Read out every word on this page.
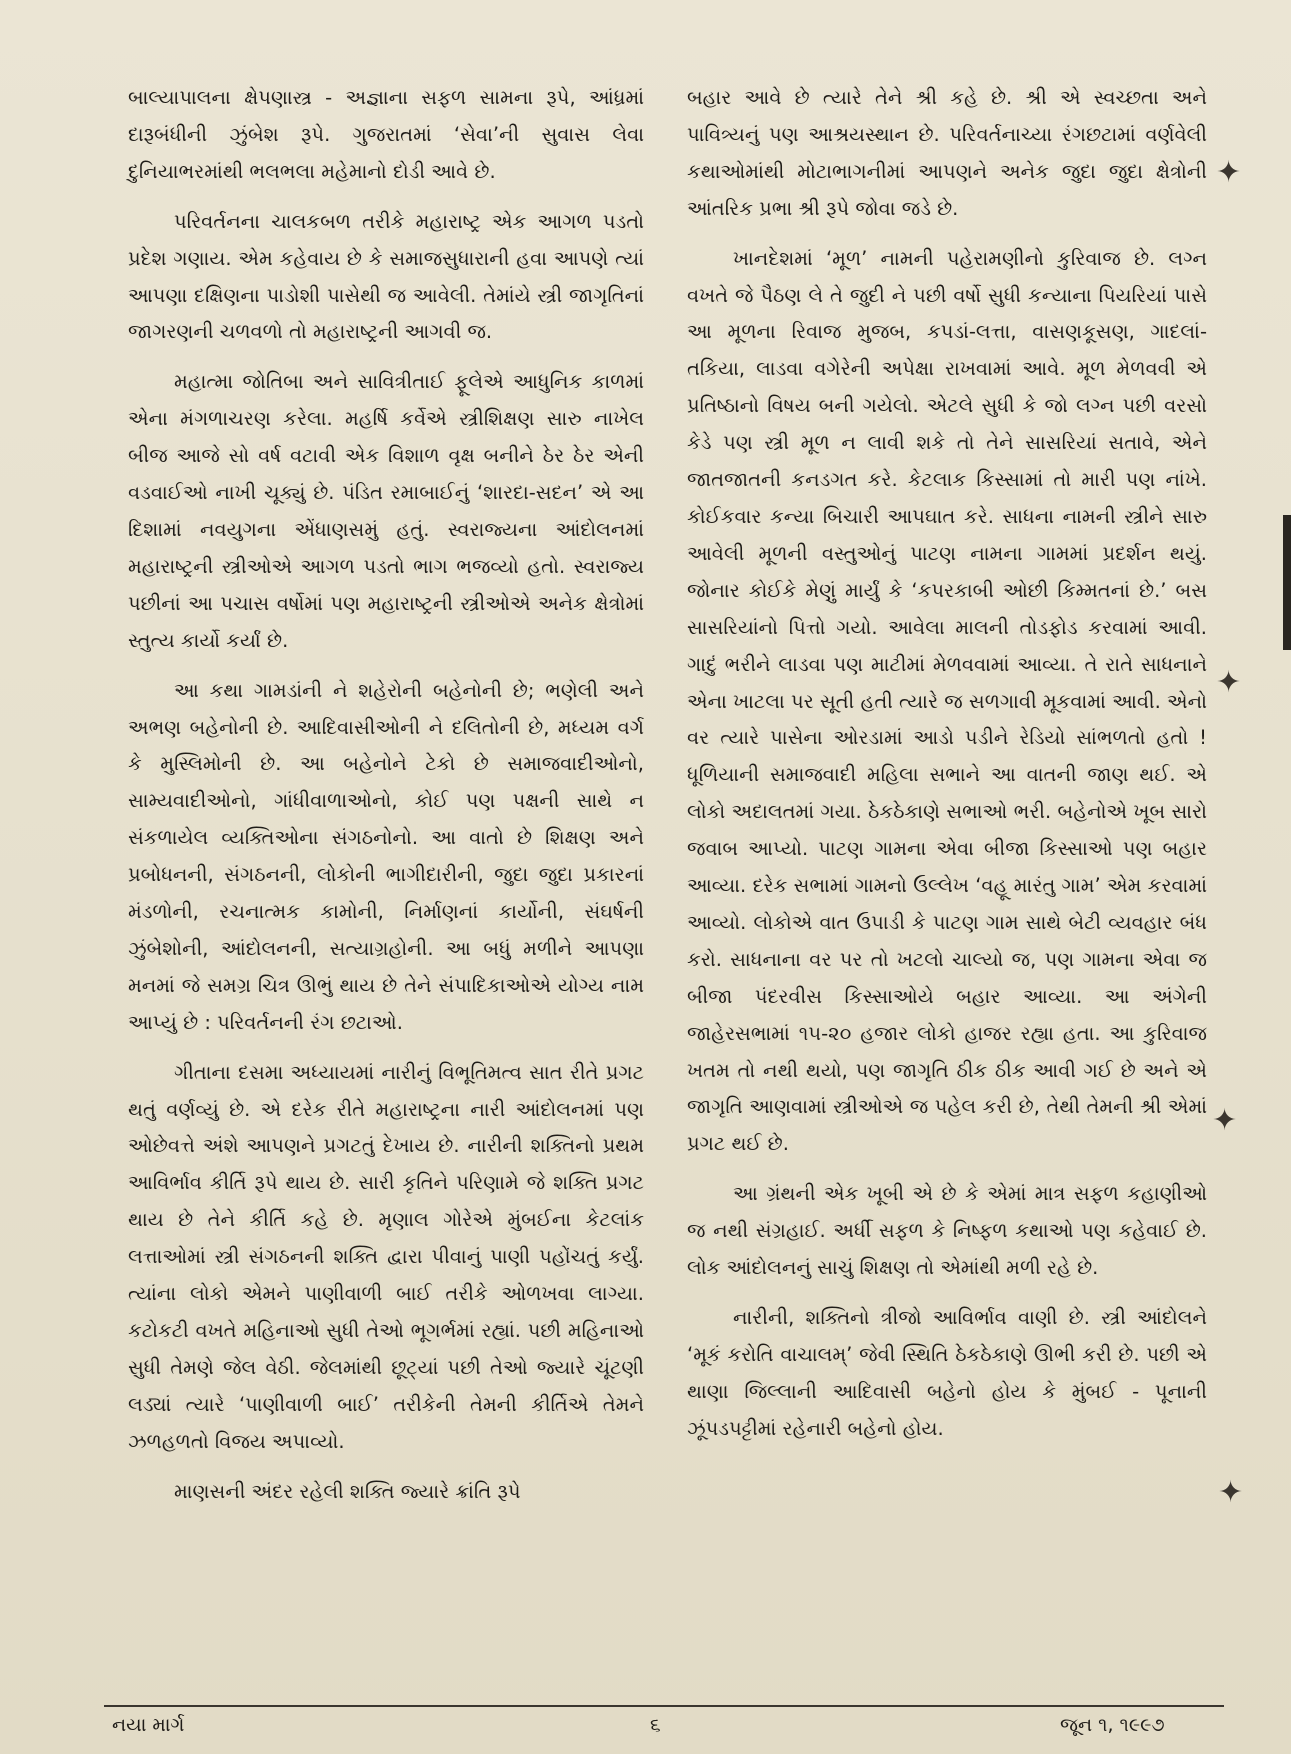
બાલ્યાપાલના ક્ષેપણાસ્ત્ર - અજ્ઞાના સફળ સામના રૂપે, આંધ્રમાં દારૂબંધીની ઝુંબેશ રૂપે. ગુજરાતમાં ‘સેવા’ની સુવાસ લેવા દુનિયાભરમાંથી ભલભલા મહેમાનો દોડી આવે છે.

પરિવર્તનના ચાલકબળ તરીકે મહારાષ્ટ્ર એક આગળ પડતો પ્રદેશ ગણાય. એમ કહેવાય છે કે સમાજસુધારાની હવા આપણે ત્યાં આપણા દક્ષિણના પાડોશી પાસેથી જ આવેલી. તેમાંયે સ્ત્રી જાગૃતિનાં જાગરણની ચળવળો તો મહારાષ્ટ્રની આગવી જ.

મહાત્મા જોતિબા અને સાવિત્રીતાઈ ફૂલેએ આધુનિક કાળમાં એના મંગળાચરણ કરેલા. મહર્ષિ કર્વેએ સ્ત્રીશિક્ષણ સારુ નાખેલ બીજ આજે સો વર્ષ વટાવી એક વિશાળ વૃક્ષ બનીને ઠેર ઠેર એની વડવાઈઓ નાખી ચૂક્યું છે. પંડિત રમાબાઈનું ‘શારદા-સદન’ એ આ દિશામાં નવયુગના એંધાણસમું હતું. સ્વરાજ્યના આંદોલનમાં મહારાષ્ટ્રની સ્ત્રીઓએ આગળ પડતો ભાગ ભજવ્યો હતો. સ્વરાજ્ય પછીનાં આ પચાસ વર્ષોમાં પણ મહારાષ્ટ્રની સ્ત્રીઓએ અનેક ક્ષેત્રોમાં સ્તુત્ય કાર્યો કર્યાં છે.

આ કથા ગામડાંની ને શહેરોની બહેનોની છે; ભણેલી અને અભણ બહેનોની છે. આદિવાસીઓની ને દલિતોની છે, મધ્યમ વર્ગ કે મુસ્લિમોની છે. આ બહેનોને ટેકો છે સમાજવાદીઓનો, સામ્યવાદીઓનો, ગાંધીવાળાઓનો, કોઈ પણ પક્ષની સાથે ન સંકળાયેલ વ્યક્તિઓના સંગઠનોનો. આ વાતો છે શિક્ષણ અને પ્રબોધનની, સંગઠનની, લોકોની ભાગીદારીની, જુદા જુદા પ્રકારનાં મંડળોની, રચનાત્મક કામોની, નિર્માણનાં કાર્યોની, સંઘર્ષની ઝુંબેશોની, આંદોલનની, સત્યાગ્રહોની. આ બધું મળીને આપણા મનમાં જે સમગ્ર ચિત્ર ઊભું થાય છે તેને સંપાદિકાઓએ યોગ્ય નામ આપ્યું છે : પરિવર્તનની રંગ છટાઓ.

ગીતાના દસમા અધ્યાયમાં નારીનું વિભૂતિમત્વ સાત રીતે પ્રગટ થતું વર્ણવ્યું છે. એ દરેક રીતે મહારાષ્ટ્રના નારી આંદોલનમાં પણ ઓછેવત્તે અંશે આપણને પ્રગટતું દેખાય છે. નારીની શક્તિનો પ્રથમ આવિર્ભાવ કીર્તિ રૂપે થાય છે. સારી કૃતિને પરિણામે જે શક્તિ પ્રગટ થાય છે તેને કીર્તિ કહે છે. મૃણાલ ગોરેએ મુંબઈના કેટલાંક લત્તાઓમાં સ્ત્રી સંગઠનની શક્તિ દ્વારા પીવાનું પાણી પહોંચતું કર્યું. ત્યાંના લોકો એમને પાણીવાળી બાઈ તરીકે ઓળખવા લાગ્યા. કટોકટી વખતે મહિનાઓ સુધી તેઓ ભૂગર્ભમાં રહ્યાં. પછી મહિનાઓ સુધી તેમણે જેલ વેઠી. જેલમાંથી છૂટ્યાં પછી તેઓ જ્યારે ચૂંટણી લડ્યાં ત્યારે ‘પાણીવાળી બાઈ’ તરીકેની તેમની કીર્તિએ તેમને ઝળહળતો વિજય અપાવ્યો.

માણસની અંદર રહેલી શક્તિ જ્યારે ક્રાંતિ રૂપે

બહાર આવે છે ત્યારે તેને શ્રી કહે છે. શ્રી એ સ્વચ્છતા અને પાવિત્ર્યનું પણ આશ્રયસ્થાન છે. પરિવર્તનાચ્યા રંગછટામાં વર્ણવેલી કથાઓમાંથી મોટાભાગનીમાં આપણને અનેક જુદા જુદા ક્ષેત્રોની આંતરિક પ્રભા શ્રી રૂપે જોવા જડે છે.

ખાનદેશમાં ‘મૂળ’ નામની પહેરામણીનો કુરિવાજ છે. લગ્ન વખતે જે પૈઠણ લે તે જુદી ને પછી વર્ષો સુધી કન્યાના પિયરિયાં પાસે આ મૂળના રિવાજ મુજબ, કપડાં-લત્તા, વાસણકૂસણ, ગાદલાં- તકિયા, લાડવા વગેરેની અપેક્ષા રાખવામાં આવે. મૂળ મેળવવી એ પ્રતિષ્ઠાનો વિષય બની ગયેલો. એટલે સુધી કે જો લગ્ન પછી વરસો કેડે પણ સ્ત્રી મૂળ ન લાવી શકે તો તેને સાસરિયાં સતાવે, એને જાતજાતની કનડગત કરે. કેટલાક કિસ્સામાં તો મારી પણ નાંખે. કોઈકવાર કન્યા બિચારી આપઘાત કરે. સાધના નામની સ્ત્રીને સારુ આવેલી મૂળની વસ્તુઓનું પાટણ નામના ગામમાં પ્રદર્શન થયું. જોનાર કોઈકે મેણું માર્યું કે ‘કપરકાબી ઓછી કિમ્મતનાં છે.’ બસ સાસરિયાંનો પિત્તો ગયો. આવેલા માલની તોડફોડ કરવામાં આવી. ગાદું ભરીને લાડવા પણ માટીમાં મેળવવામાં આવ્યા. તે રાતે સાધનાને એના ખાટલા પર સૂતી હતી ત્યારે જ સળગાવી મૂકવામાં આવી. એનો વર ત્યારે પાસેના ઓરડામાં આડો પડીને રેડિયો સાંભળતો હતો ! ધૂળિયાની સમાજવાદી મહિલા સભાને આ વાતની જાણ થઈ. એ લોકો અદાલતમાં ગયા. ઠેકઠેકાણે સભાઓ ભરી. બહેનોએ ખૂબ સારો જવાબ આપ્યો. પાટણ ગામના એવા બીજા કિસ્સાઓ પણ બહાર આવ્યા. દરેક સભામાં ગામનો ઉલ્લેખ ‘વહૂ મારંતુ ગામ’ એમ કરવામાં આવ્યો. લોકોએ વાત ઉપાડી કે પાટણ ગામ સાથે બેટી વ્યવહાર બંધ કરો. સાધનાના વર પર તો ખટલો ચાલ્યો જ, પણ ગામના એવા જ બીજા પંદરવીસ કિસ્સાઓયે બહાર આવ્યા. આ અંગેની જાહેરસભામાં ૧૫-૨૦ હજાર લોકો હાજર રહ્યા હતા. આ કુરિવાજ ખતમ તો નથી થયો, પણ જાગૃતિ ઠીક ઠીક આવી ગઈ છે અને એ જાગૃતિ આણવામાં સ્ત્રીઓએ જ પહેલ કરી છે, તેથી તેમની શ્રી એમાં પ્રગટ થઈ છે.

આ ગ્રંથની એક ખૂબી એ છે કે એમાં માત્ર સફળ કહાણીઓ જ નથી સંગ્રહાઈ. અર્ધી સફળ કે નિષ્ફળ કથાઓ પણ કહેવાઈ છે. લોક આંદોલનનું સાચું શિક્ષણ તો એમાંથી મળી રહે છે.

નારીની, શક્તિનો ત્રીજો આવિર્ભાવ વાણી છે. સ્ત્રી આંદોલને ‘મૂકં કરોતિ વાચાલમ્’ જેવી સ્થિતિ ઠેકઠેકાણે ઊભી કરી છે. પછી એ થાણા જિલ્લાની આદિવાસી બહેનો હોય કે મુંબઈ - પૂનાની ઝૂંપડપટ્ટીમાં રહેનારી બહેનો હોય.

નયા માર્ગ	૬	જૂન ૧, ૧૯૯૭
✦
✦
✦
✦
